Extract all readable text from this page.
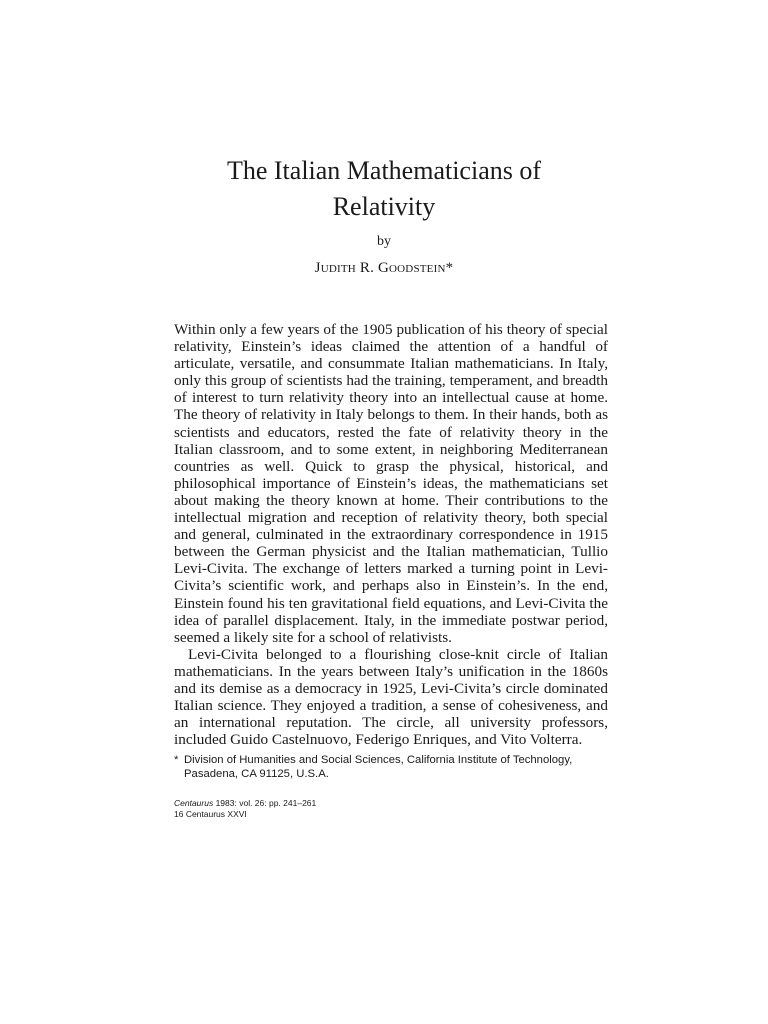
The Italian Mathematicians of
Relativity

by

Judith R. Goodstein*

Within only a few years of the 1905 publication of his theory of special relativity, Einstein’s ideas claimed the attention of a handful of articulate, versatile, and consummate Italian mathematicians. In Italy, only this group of scientists had the training, temperament, and breadth of interest to turn relativity theory into an intellectual cause at home. The theory of relativity in Italy belongs to them. In their hands, both as scientists and educators, rested the fate of relativity theory in the Italian classroom, and to some extent, in neighboring Mediterranean countries as well. Quick to grasp the physical, historical, and philosophical importance of Einstein’s ideas, the mathematicians set about making the theory known at home. Their contributions to the intellectual migration and reception of relativity theory, both special and general, culminated in the extraordinary correspondence in 1915 between the German physicist and the Italian mathematician, Tullio Levi-Civita. The exchange of letters marked a turning point in Levi-Civita’s scientific work, and perhaps also in Einstein’s. In the end, Einstein found his ten gravitational field equations, and Levi-Civita the idea of parallel displacement. Italy, in the immediate postwar period, seemed a likely site for a school of relativists.

Levi-Civita belonged to a flourishing close-knit circle of Italian mathematicians. In the years between Italy’s unification in the 1860s and its demise as a democracy in 1925, Levi-Civita’s circle dominated Italian science. They enjoyed a tradition, a sense of cohesiveness, and an international reputation. The circle, all university professors, included Guido Castelnuovo, Federigo Enriques, and Vito Volterra.

* Division of Humanities and Social Sciences, California Institute of Technology, Pasadena, CA 91125, U.S.A.

Centaurus 1983: vol. 26: pp. 241–261
16 Centaurus XXVI
